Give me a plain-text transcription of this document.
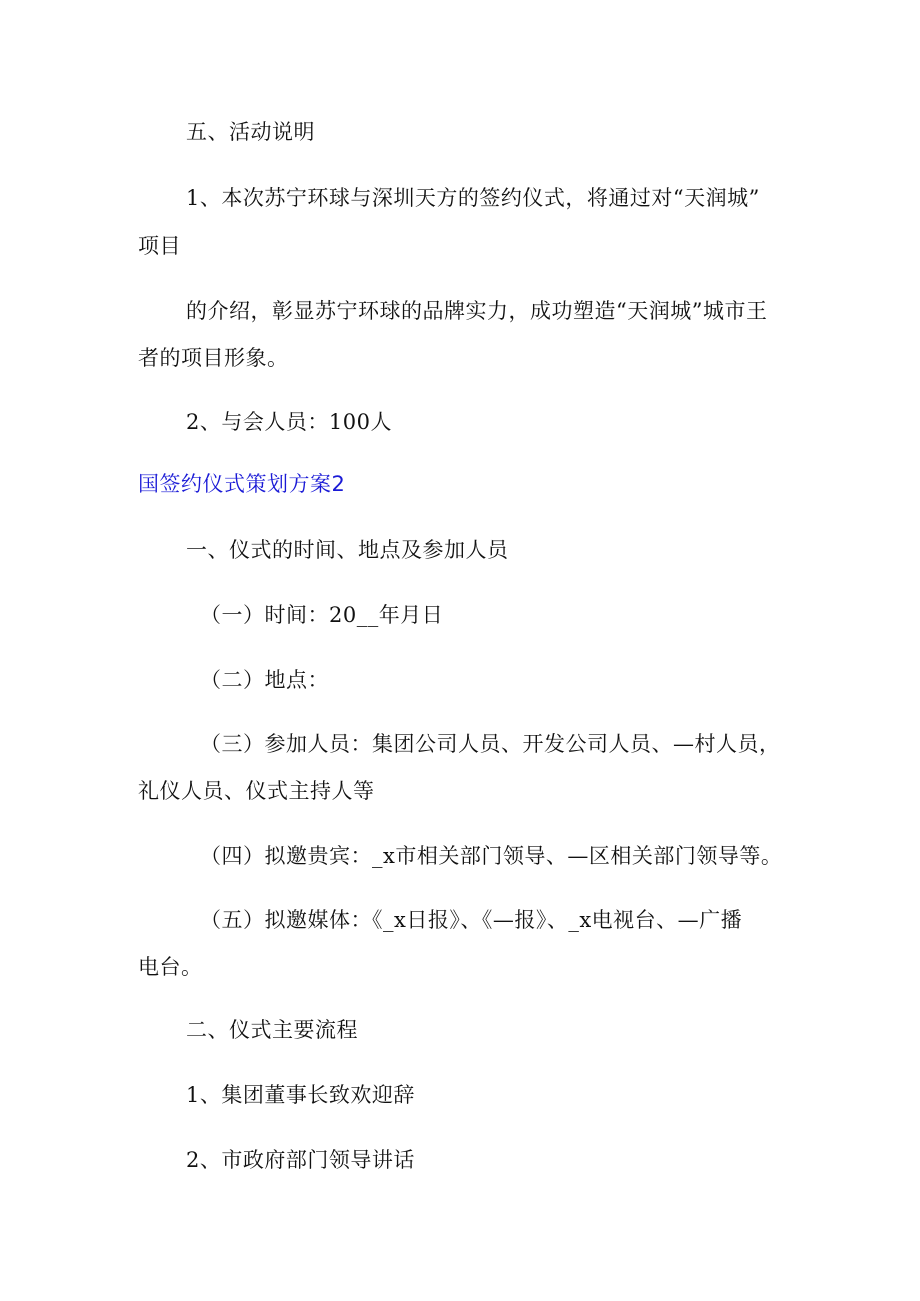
五、活动说明
1、本次苏宁环球与深圳天方的签约仪式，将通过对“天润城”
项目
的介绍，彰显苏宁环球的品牌实力，成功塑造“天润城”城市王
者的项目形象。
2、与会人员：100人
国签约仪式策划方案2
一、仪式的时间、地点及参加人员
（一）时间：20__年月日
（二）地点：
（三）参加人员：集团公司人员、开发公司人员、—村人员，
礼仪人员、仪式主持人等
（四）拟邀贵宾：_x市相关部门领导、—区相关部门领导等。
（五）拟邀媒体：《_x日报》、《—报》、_x电视台、—广播
电台。
二、仪式主要流程
1、集团董事长致欢迎辞
2、市政府部门领导讲话
